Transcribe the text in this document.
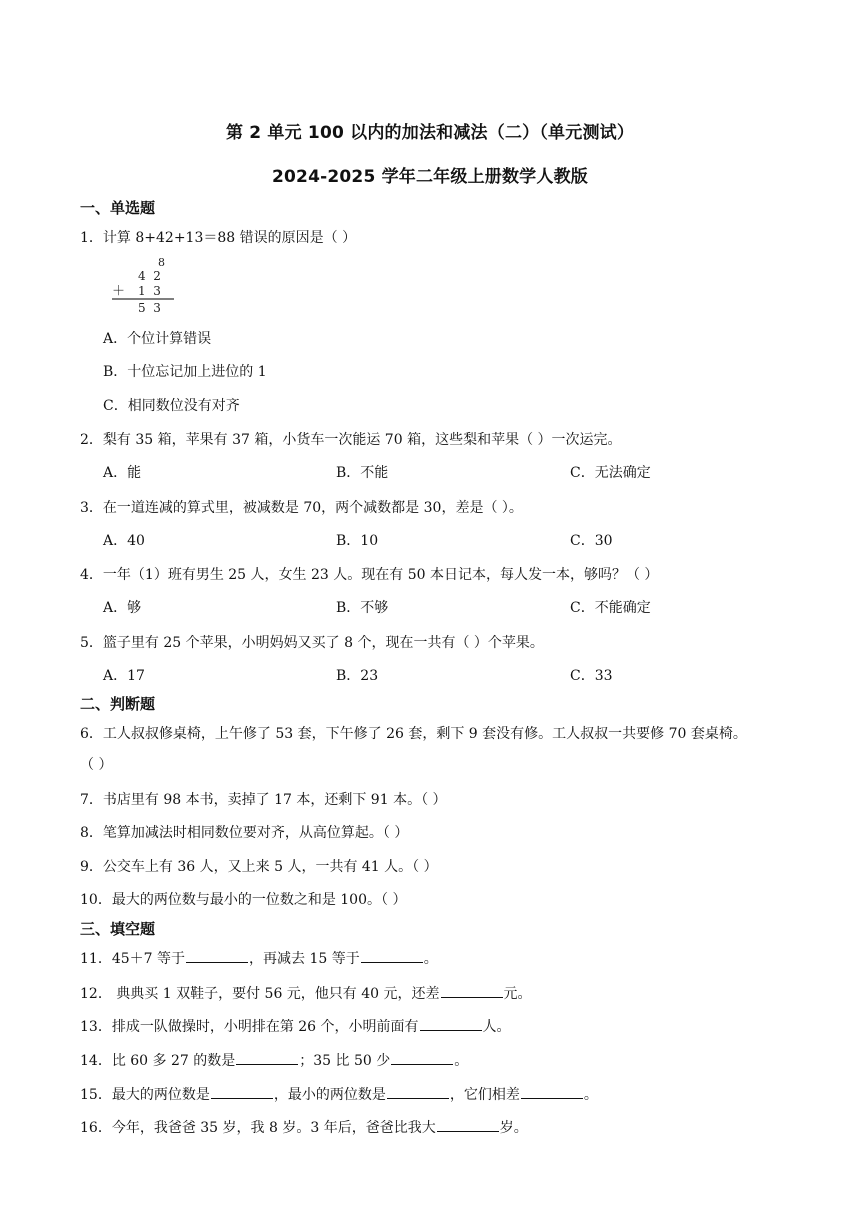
第 2 单元 100 以内的加法和减法（二）（单元测试）
2024-2025 学年二年级上册数学人教版
一、单选题
1．计算 8+42+13＝88 错误的原因是（ ）
8
4  2
＋ 1  3
5  3
A．个位计算错误
B．十位忘记加上进位的 1
C．相同数位没有对齐
2．梨有 35 箱，苹果有 37 箱，小货车一次能运 70 箱，这些梨和苹果（ ）一次运完。
A．能	B．不能	C．无法确定
3．在一道连减的算式里，被减数是 70，两个减数都是 30，差是（ ）。
A．40	B．10	C．30
4．一年（1）班有男生 25 人，女生 23 人。现在有 50 本日记本，每人发一本，够吗？（ ）
A．够	B．不够	C．不能确定
5．篮子里有 25 个苹果，小明妈妈又买了 8 个，现在一共有（ ）个苹果。
A．17	B．23	C．33
二、判断题
6．工人叔叔修桌椅，上午修了 53 套，下午修了 26 套，剩下 9 套没有修。工人叔叔一共要修 70 套桌椅。
（ ）
7．书店里有 98 本书，卖掉了 17 本，还剩下 91 本。（ ）
8．笔算加减法时相同数位要对齐，从高位算起。（ ）
9．公交车上有 36 人，又上来 5 人，一共有 41 人。（ ）
10．最大的两位数与最小的一位数之和是 100。（ ）
三、填空题
11．45＋7 等于	，再减去 15 等于	。
12． 典典买 1 双鞋子，要付 56 元，他只有 40 元，还差	元。
13．排成一队做操时，小明排在第 26 个，小明前面有	人。
14．比 60 多 27 的数是	；35 比 50 少	。
15．最大的两位数是	，最小的两位数是	，它们相差	。
16．今年，我爸爸 35 岁，我 8 岁。3 年后，爸爸比我大	岁。
